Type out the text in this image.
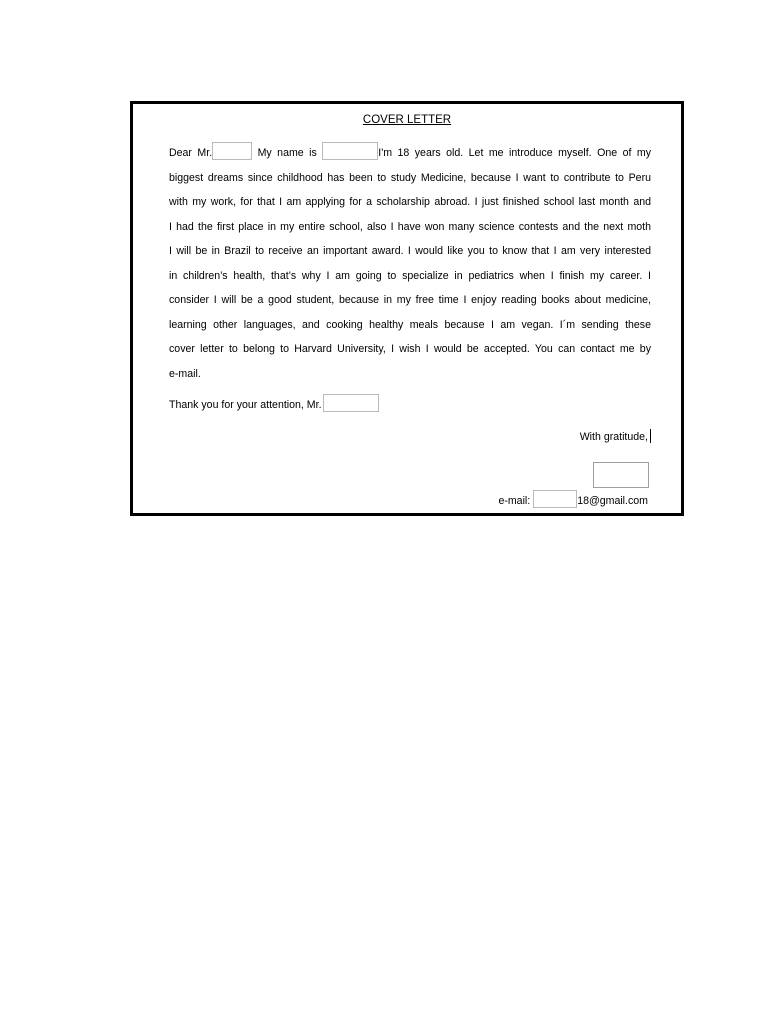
COVER LETTER
Dear Mr.	My name is	I'm 18 years old. Let me introduce myself. One of my
biggest dreams since childhood has been to study Medicine, because I want to contribute to Peru
with my work, for that I am applying for a scholarship abroad. I just finished school last month and
I had the first place in my entire school, also I have won many science contests and the next moth
I will be in Brazil to receive an important award. I would like you to know that I am very interested
in children’s health, that’s why I am going to specialize in pediatrics when I finish my career. I
consider I will be a good student, because in my free time I enjoy reading books about medicine,
learning other languages, and cooking healthy meals because I am vegan. I´m sending these
cover letter to belong to Harvard University, I wish I would be accepted. You can contact me by
e-mail.
Thank you for your attention, Mr.
With gratitude,
e-mail:	18@gmail.com
